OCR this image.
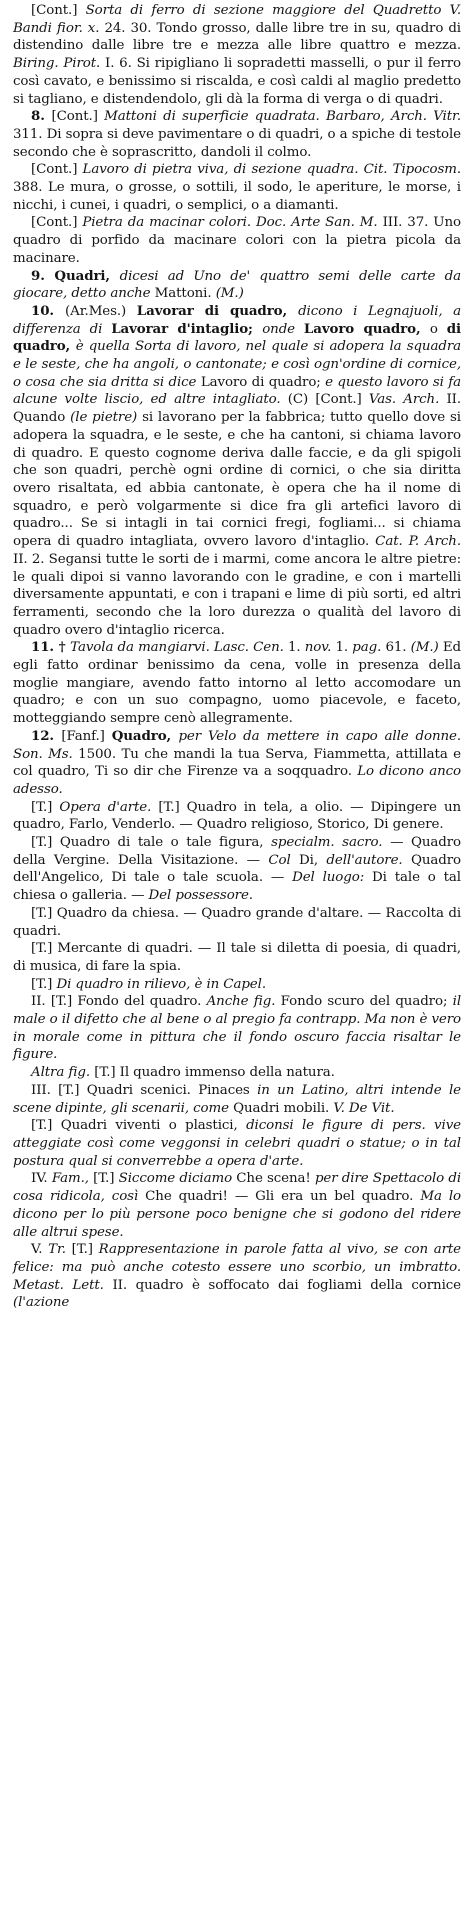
[Cont.] Sorta di ferro di sezione maggiore del Quadretto V. Bandi fior. x. 24. 30. Tondo grosso, dalle libre tre in su, quadro di distendino dalle libre tre e mezza alle libre quattro e mezza. Biring. Pirot. I. 6. Si ripigliano li sopradetti masselli, o pur il ferro così cavato, e benissimo si riscalda, e così caldi al maglio predetto si tagliano, e distendendolo, gli dà la forma di verga o di quadri.

8. [Cont.] Mattoni di superficie quadrata. Barbaro, Arch. Vitr. 311. Di sopra si deve pavimentare o di quadri, o a spiche di testole secondo che è soprascritto, dandoli il colmo.

[Cont.] Lavoro di pietra viva, di sezione quadra. Cit. Tipocosm. 388. Le mura, o grosse, o sottili, il sodo, le aperiture, le morse, i nicchi, i cunei, i quadri, o semplici, o a diamanti.

[Cont.] Pietra da macinar colori. Doc. Arte San. M. III. 37. Uno quadro di porfido da macinare colori con la pietra picola da macinare.

9. Quadri, dicesi ad Uno de' quattro semi delle carte da giocare, detto anche Mattoni. (M.)

10. (Ar.Mes.) Lavorar di quadro, dicono i Legnajuoli, a differenza di Lavorar d'intaglio; onde Lavoro quadro, o di quadro, è quella Sorta di lavoro, nel quale si adopera la squadra e le seste, che ha angoli, o cantonate; e così ogn'ordine di cornice, o cosa che sia dritta si dice Lavoro di quadro; e questo lavoro si fa alcune volte liscio, ed altre intagliato. (C) [Cont.] Vas. Arch. II. Quando (le pietre) si lavorano per la fabbrica; tutto quello dove si adopera la squadra, e le seste, e che ha cantoni, si chiama lavoro di quadro. E questo cognome deriva dalle faccie, e da gli spigoli che son quadri, perchè ogni ordine di cornici, o che sia diritta overo risaltata, ed abbia cantonate, è opera che ha il nome di squadro, e però volgarmente si dice fra gli artefici lavoro di quadro... Se si intagli in tai cornici fregi, fogliami... si chiama opera di quadro intagliata, ovvero lavoro d'intaglio. Cat. P. Arch. II. 2. Segansi tutte le sorti de i marmi, come ancora le altre pietre: le quali dipoi si vanno lavorando con le gradine, e con i martelli diversamente appuntati, e con i trapani e lime di più sorti, ed altri ferramenti, secondo che la loro durezza o qualità del lavoro di quadro overo d'intaglio ricerca.

11. † Tavola da mangiarvi. Lasc. Cen. 1. nov. 1. pag. 61. (M.) Ed egli fatto ordinar benissimo da cena, volle in presenza della moglie mangiare, avendo fatto intorno al letto accomodare un quadro; e con un suo compagno, uomo piacevole, e faceto, motteggiando sempre cenò allegramente.

12. [Fanf.] Quadro, per Velo da mettere in capo alle donne. Son. Ms. 1500. Tu che mandi la tua Serva, Fiammetta, attillata e col quadro, Ti so dir che Firenze va a soqquadro. Lo dicono anco adesso.

[T.] Opera d'arte. [T.] Quadro in tela, a olio. — Dipingere un quadro, Farlo, Venderlo. — Quadro religioso, Storico, Di genere.

[T.] Quadro di tale o tale figura, specialm. sacro. — Quadro della Vergine. Della Visitazione. — Col Di, dell'autore. Quadro dell'Angelico, Di tale o tale scuola. — Del luogo: Di tale o tal chiesa o galleria. — Del possessore.

[T.] Quadro da chiesa. — Quadro grande d'altare. — Raccolta di quadri.

[T.] Mercante di quadri. — Il tale si diletta di poesia, di quadri, di musica, di fare la spia.

[T.] Di quadro in rilievo, è in Capel.

II. [T.] Fondo del quadro. Anche fig. Fondo scuro del quadro; il male o il difetto che al bene o al pregio fa contrapp. Ma non è vero in morale come in pittura che il fondo oscuro faccia risaltar le figure.

Altra fig. [T.] Il quadro immenso della natura.

III. [T.] Quadri scenici. Pinaces in un Latino, altri intende le scene dipinte, gli scenarii, come Quadri mobili. V. De Vit.

[T.] Quadri viventi o plastici, diconsi le figure di pers. vive atteggiate così come veggonsi in celebri quadri o statue; o in tal postura qual si converrebbe a opera d'arte.

IV. Fam., [T.] Siccome diciamo Che scena! per dire Spettacolo di cosa ridicola, così Che quadri! — Gli era un bel quadro. Ma lo dicono per lo più persone poco benigne che si godono del ridere alle altrui spese.

V. Tr. [T.] Rappresentazione in parole fatta al vivo, se con arte felice: ma può anche cotesto essere uno scorbio, un imbratto. Metast. Lett. II. quadro è soffocato dai fogliami della cornice (l'azione
